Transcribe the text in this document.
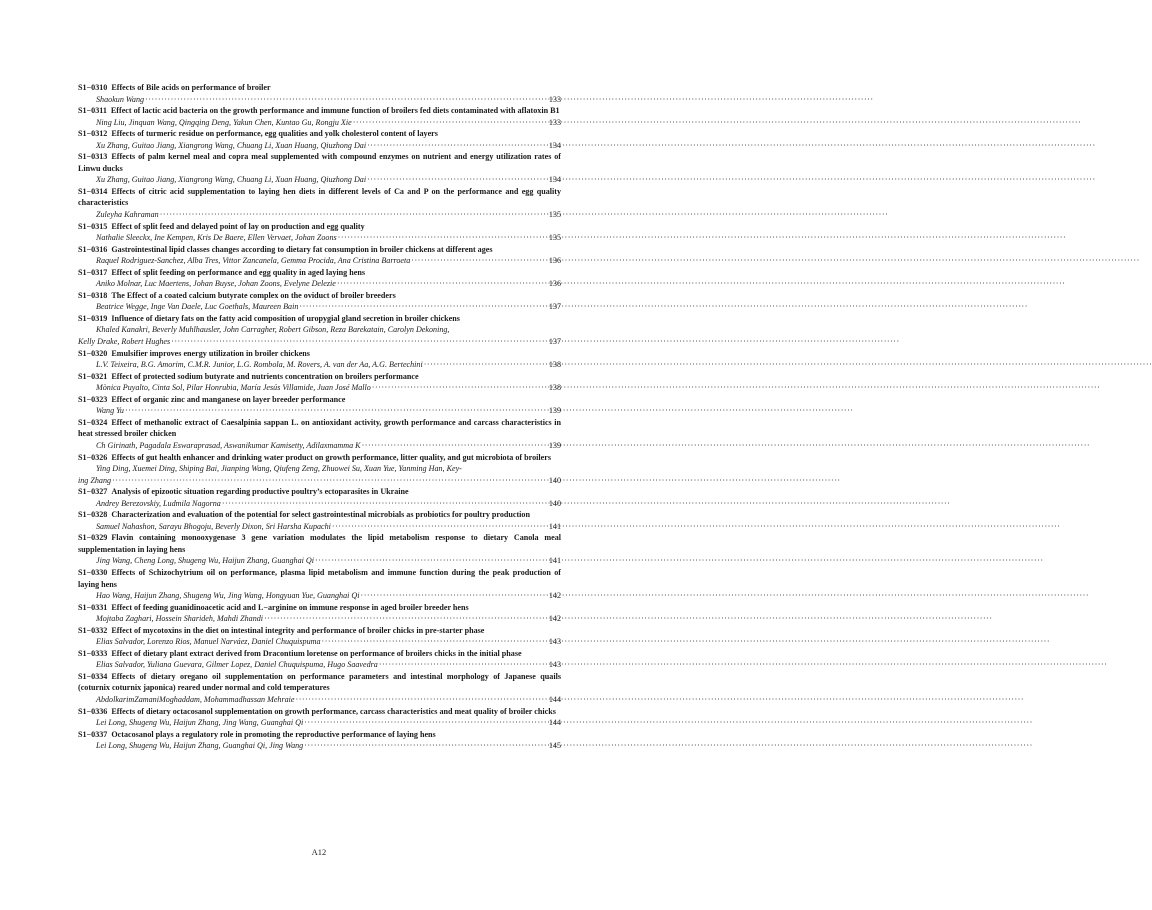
S1−0310 Effects of Bile acids on performance of broiler
Shaokun Wang ·····	133
S1−0311 Effect of lactic acid bacteria on the growth performance and immune function of broilers fed diets contaminated with aflatoxin B1
Ning Liu, Jinquan Wang, Qingqing Deng, Yakun Chen, Kuntao Gu, Rongju Xie ·····	133
S1−0312 Effects of turmeric residue on performance, egg qualities and yolk cholesterol content of layers
Xu Zhang, Guitao Jiang, Xiangrong Wang, Chuang Li, Xuan Huang, Qiuzhong Dai ·····	134
S1−0313 Effects of palm kernel meal and copra meal supplemented with compound enzymes on nutrient and energy utilization rates of Linwu ducks
Xu Zhang, Guitao Jiang, Xiangrong Wang, Chuang Li, Xuan Huang, Qiuzhong Dai ·····	134
S1−0314 Effects of citric acid supplementation to laying hen diets in different levels of Ca and P on the performance and egg quality characteristics
Zuleyha Kahraman ·····	135
S1−0315 Effect of split feed and delayed point of lay on production and egg quality
Nathalie Sleeckx, Ine Kempen, Kris De Baere, Ellen Vervaet, Johan Zoons ·····	135
S1−0316 Gastrointestinal lipid classes changes according to dietary fat consumption in broiler chickens at different ages
Raquel Rodriguez-Sanchez, Alba Tres, Vittor Zancanela, Gemma Procida, Ana Cristina Barroeta ·····	136
S1−0317 Effect of split feeding on performance and egg quality in aged laying hens
Aniko Molnar, Luc Maertens, Johan Buyse, Johan Zoons, Evelyne Delezie ·····	136
S1−0318 The Effect of a coated calcium butyrate complex on the oviduct of broiler breeders
Beatrice Wegge, Inge Van Daele, Luc Goethals, Maureen Bain ·····	137
S1−0319 Influence of dietary fats on the fatty acid composition of uropygial gland secretion in broiler chickens
Khaled Kanakri, Beverly Muhlhausler, John Carragher, Robert Gibson, Reza Barekatain, Carolyn Dekoning,
Kelly Drake, Robert Hughes ·····	137
S1−0320 Emulsifier improves energy utilization in broiler chickens
L.V. Teixeira, B.G. Amorim, C.M.R. Junior, L.G. Rombola, M. Rovers, A. van der Aa, A.G. Bertechini ·····	138
S1−0321 Effect of protected sodium butyrate and nutrients concentration on broilers performance
Mònica Puyalto, Cinta Sol, Pilar Honrubia, María Jesús Villamide, Juan José Mallo ·····	138
S1−0323 Effect of organic zinc and manganese on layer breeder performance
Wang Yu ·····	139
S1−0324 Effect of methanolic extract of Caesalpinia sappan L. on antioxidant activity, growth performance and carcass characteristics in heat stressed broiler chicken
Ch Girinath, Pagadala Eswaraprasad, Aswanikumar Kamisetty, Adilaxmamma K ·····	139
S1−0326 Effects of gut health enhancer and drinking water product on growth performance, litter quality, and gut microbiota of broilers
Ying Ding, Xuemei Ding, Shiping Bai, Jianping Wang, Qiufeng Zeng, Zhuowei Su, Xuan Yue, Yanming Han, Key-
ing Zhang ·····	140
S1−0327 Analysis of epizootic situation regarding productive poultry’s ectoparasites in Ukraine
Andrey Berezovskiy, Ludmila Nagorna ·····	140
S1−0328 Characterization and evaluation of the potential for select gastrointestinal microbials as probiotics for poultry production
Samuel Nahashon, Sarayu Bhogoju, Beverly Dixon, Sri Harsha Kupachi ·····	141
S1−0329 Flavin containing monooxygenase 3 gene variation modulates the lipid metabolism response to dietary Canola meal supplementation in laying hens
Jing Wang, Cheng Long, Shugeng Wu, Haijun Zhang, Guanghai Qi ·····	141
S1−0330 Effects of Schizochytrium oil on performance, plasma lipid metabolism and immune function during the peak production of laying hens
Hao Wang, Haijun Zhang, Shugeng Wu, Jing Wang, Hongyuan Yue, Guanghai Qi ·····	142
S1−0331 Effect of feeding guanidinoacetic acid and L−arginine on immune response in aged broiler breeder hens
Mojtaba Zaghari, Hossein Sharideh, Mahdi Zhandi ·····	142
S1−0332 Effect of mycotoxins in the diet on intestinal integrity and performance of broiler chicks in pre‐starter phase
Elias Salvador, Lorenzo Rios, Manuel Narváez, Daniel Chuquispuma ·····	143
S1−0333 Effect of dietary plant extract derived from Dracontium loretense on performance of broilers chicks in the initial phase
Elias Salvador, Yuliana Guevara, Gilmer Lopez, Daniel Chuquispuma, Hugo Saavedra ·····	143
S1−0334 Effects of dietary oregano oil supplementation on performance parameters and intestinal morphology of Japanese quails (coturnix coturnix japonica) reared under normal and cold temperatures
AbdolkarimZamaniMoghaddam, Mohammadhassan Mehraie ·····	144
S1−0336 Effects of dietary octacosanol supplementation on growth performance, carcass characteristics and meat quality of broiler chicks
Lei Long, Shugeng Wu, Haijun Zhang, Jing Wang, Guanghai Qi ·····	144
S1−0337 Octacosanol plays a regulatory role in promoting the reproductive performance of laying hens
Lei Long, Shugeng Wu, Haijun Zhang, Guanghai Qi, Jing Wang ·····	145
A12
